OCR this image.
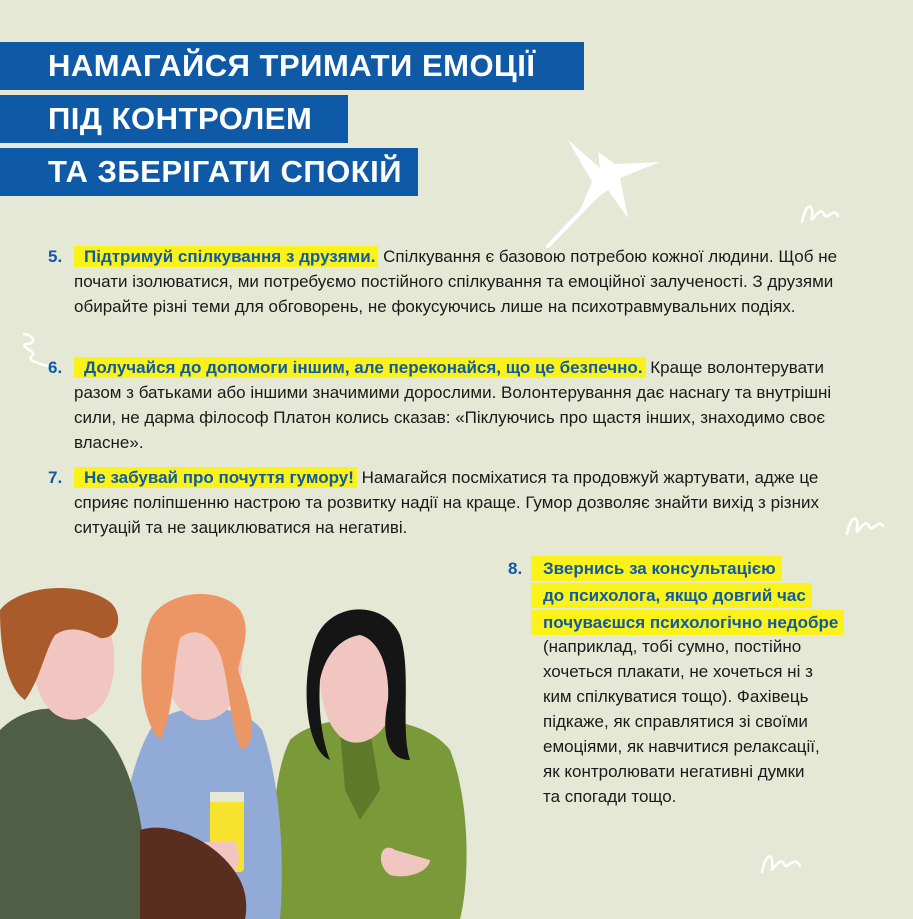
НАМАГАЙСЯ ТРИМАТИ ЕМОЦІЇ
ПІД КОНТРОЛЕМ
ТА ЗБЕРІГАТИ СПОКІЙ
5.	Підтримуй спілкування з друзями. Спілкування є базовою потребою кожної людини. Щоб не почати ізолюватися, ми потребуємо постійного спілкування та емоційної залученості. З друзями обирайте різні теми для обговорень, не фокусуючись лише на психотравмувальних подіях.
6.	Долучайся до допомоги іншим, але переконайся, що це безпечно. Краще волонтерувати разом з батьками або іншими значимими дорослими. Волонтерування дає наснагу та внутрішні сили, не дарма філософ Платон колись сказав: «Піклуючись про щастя інших, знаходимо своє власне».
7.	Не забувай про почуття гумору! Намагайся посміхатися та продовжуй жартувати, адже це сприяє поліпшенню настрою та розвитку надії на краще. Гумор дозволяє знайти вихід з різних ситуацій та не зациклюватися на негативі.
8.	Звернись за консультацією
до психолога, якщо довгий час
почуваєшся психологічно недобре
(наприклад, тобі сумно, постійно
хочеться плакати, не хочеться ні з
ким спілкуватися тощо). Фахівець
підкаже, як справлятися зі своїми
емоціями, як навчитися релаксації,
як контролювати негативні думки
та спогади тощо.
